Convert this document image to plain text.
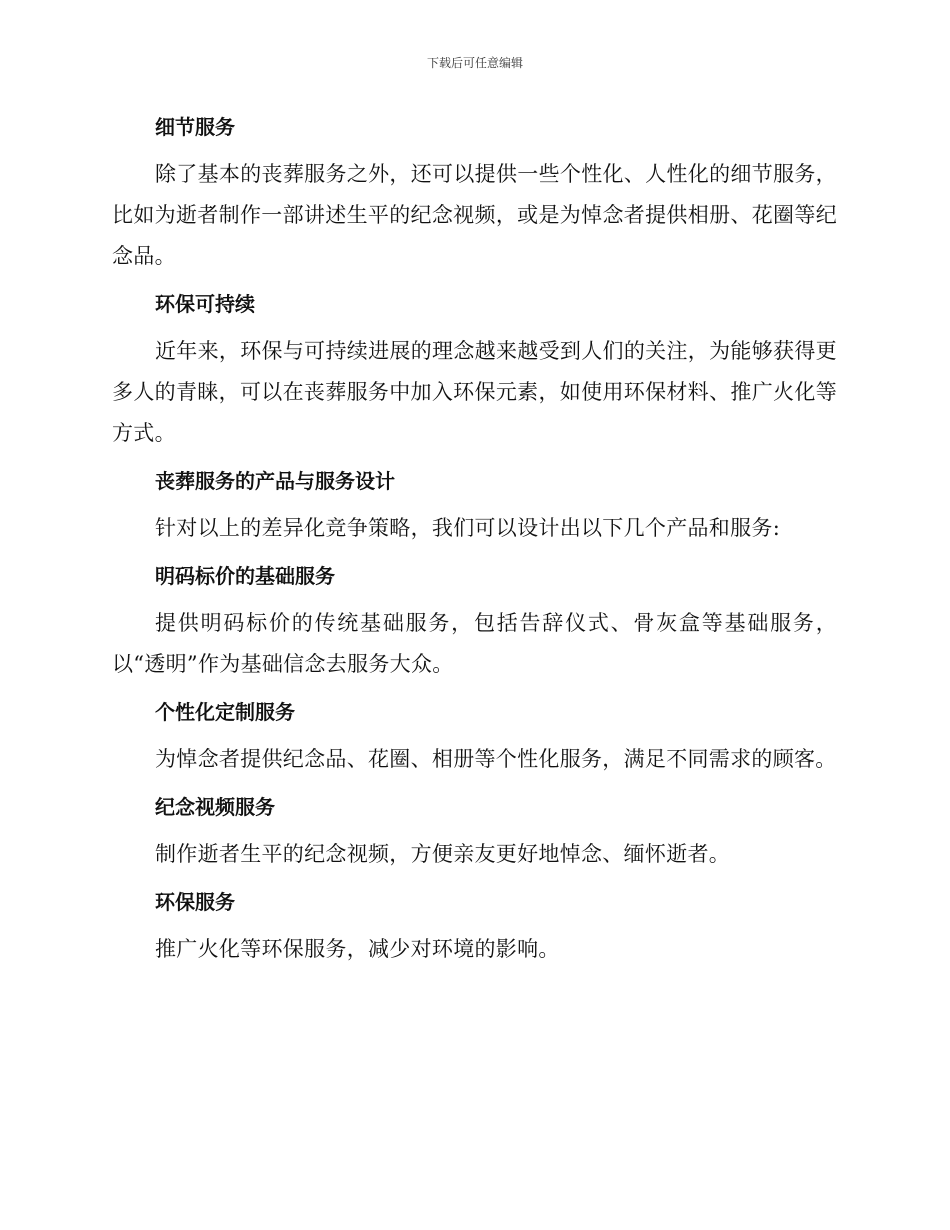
下载后可任意编辑
细节服务

除了基本的丧葬服务之外，还可以提供一些个性化、人性化的细节服务，比如为逝者制作一部讲述生平的纪念视频，或是为悼念者提供相册、花圈等纪念品。

环保可持续

近年来，环保与可持续进展的理念越来越受到人们的关注，为能够获得更多人的青睐，可以在丧葬服务中加入环保元素，如使用环保材料、推广火化等方式。

丧葬服务的产品与服务设计

针对以上的差异化竞争策略，我们可以设计出以下几个产品和服务:

明码标价的基础服务

提供明码标价的传统基础服务，包括告辞仪式、骨灰盒等基础服务，以“透明”作为基础信念去服务大众。

个性化定制服务

为悼念者提供纪念品、花圈、相册等个性化服务，满足不同需求的顾客。

纪念视频服务

制作逝者生平的纪念视频，方便亲友更好地悼念、缅怀逝者。

环保服务

推广火化等环保服务，减少对环境的影响。
